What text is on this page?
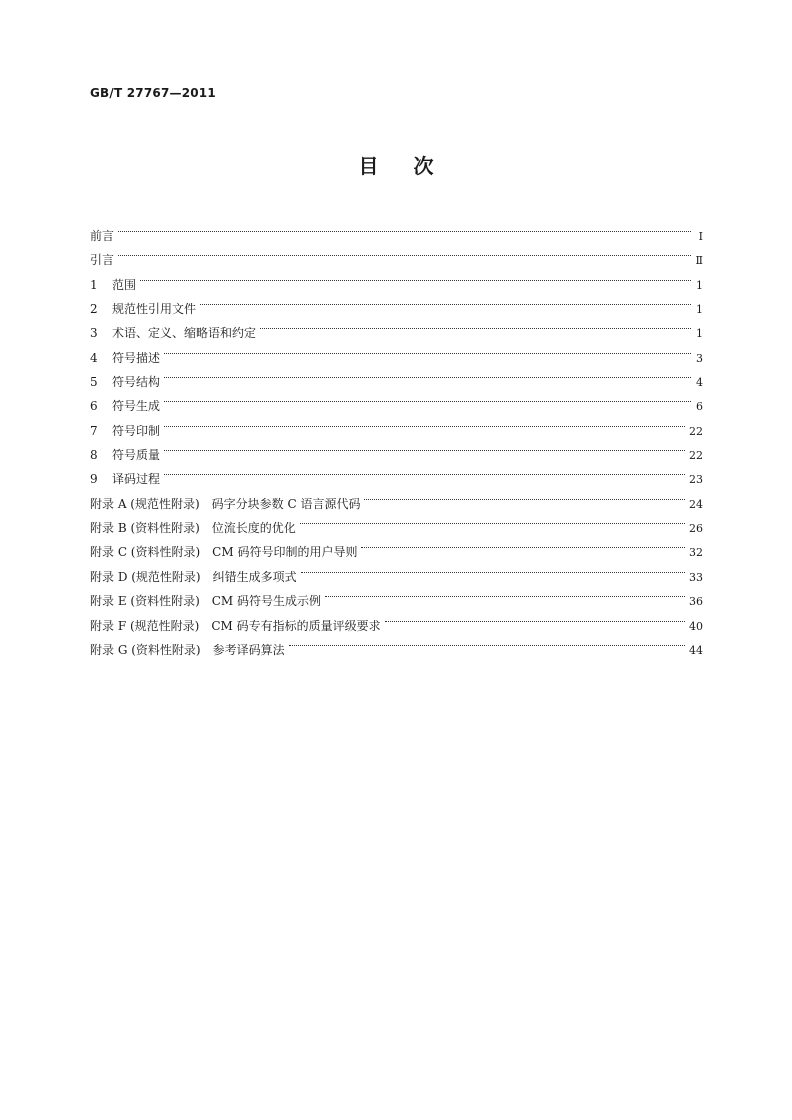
GB/T 27767—2011
目 次
前言	Ⅰ
引言	Ⅱ
1	范围	1
2	规范性引用文件	1
3	术语、定义、缩略语和约定	1
4	符号描述	3
5	符号结构	4
6	符号生成	6
7	符号印制	22
8	符号质量	22
9	译码过程	23
附录 A (规范性附录)　码字分块参数 C 语言源代码	24
附录 B (资料性附录)　位流长度的优化	26
附录 C (资料性附录)　CM 码符号印制的用户导则	32
附录 D (规范性附录)　纠错生成多项式	33
附录 E (资料性附录)　CM 码符号生成示例	36
附录 F (规范性附录)　CM 码专有指标的质量评级要求	40
附录 G (资料性附录)　参考译码算法	44
